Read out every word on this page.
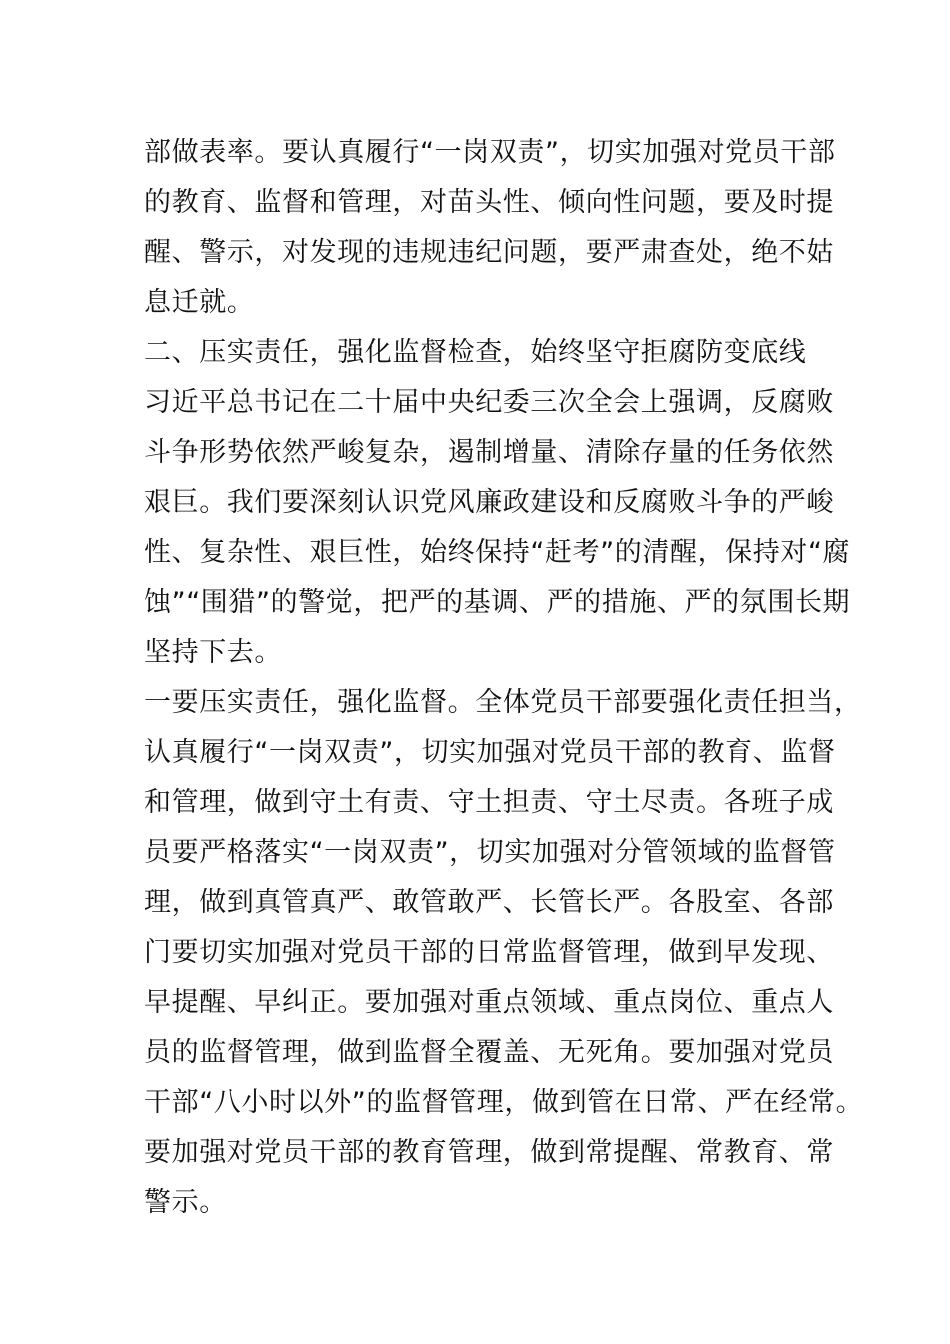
部做表率。要认真履行“一岗双责”，切实加强对党员干部
的教育、监督和管理，对苗头性、倾向性问题，要及时提
醒、警示，对发现的违规违纪问题，要严肃查处，绝不姑
息迁就。
二、压实责任，强化监督检查，始终坚守拒腐防变底线
习近平总书记在二十届中央纪委三次全会上强调，反腐败
斗争形势依然严峻复杂，遏制增量、清除存量的任务依然
艰巨。我们要深刻认识党风廉政建设和反腐败斗争的严峻
性、复杂性、艰巨性，始终保持“赶考”的清醒，保持对“腐
蚀”“围猎”的警觉，把严的基调、严的措施、严的氛围长期
坚持下去。
一要压实责任，强化监督。全体党员干部要强化责任担当，
认真履行“一岗双责”，切实加强对党员干部的教育、监督
和管理，做到守土有责、守土担责、守土尽责。各班子成
员要严格落实“一岗双责”，切实加强对分管领域的监督管
理，做到真管真严、敢管敢严、长管长严。各股室、各部
门要切实加强对党员干部的日常监督管理，做到早发现、
早提醒、早纠正。要加强对重点领域、重点岗位、重点人
员的监督管理，做到监督全覆盖、无死角。要加强对党员
干部“八小时以外”的监督管理，做到管在日常、严在经常。
要加强对党员干部的教育管理，做到常提醒、常教育、常
警示。
